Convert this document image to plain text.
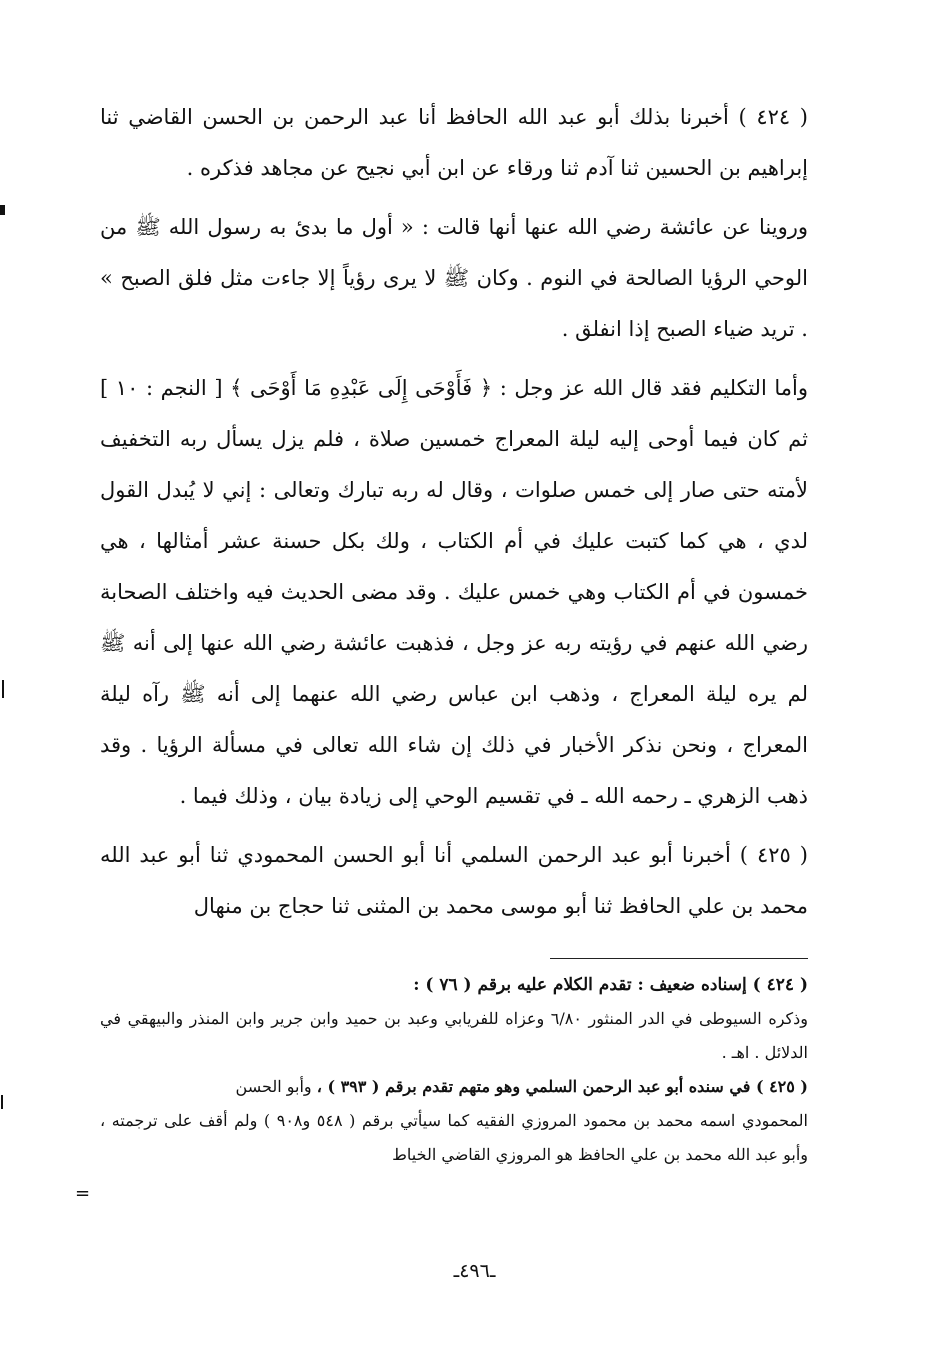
( ٤٢٤ ) أخبرنا بذلك أبو عبد الله الحافظ أنا عبد الرحمن بن الحسن القاضي ثنا إبراهيم بن الحسين ثنا آدم ثنا ورقاء عن ابن أبي نجيح عن مجاهد فذكره .

وروينا عن عائشة رضي الله عنها أنها قالت : « أول ما بدئ به رسول الله ﷺ من الوحي الرؤيا الصالحة في النوم . وكان ﷺ لا يرى رؤياً إلا جاءت مثل فلق الصبح » . تريد ضياء الصبح إذا انفلق .

وأما التكليم فقد قال الله عز وجل : ﴿ فَأَوْحَى إِلَى عَبْدِهِ مَا أَوْحَى ﴾ [ النجم : ١٠ ] ثم كان فيما أوحى إليه ليلة المعراج خمسين صلاة ، فلم يزل يسأل ربه التخفيف لأمته حتى صار إلى خمس صلوات ، وقال له ربه تبارك وتعالى : إني لا يُبدل القول لدي ، هي كما كتبت عليك في أم الكتاب ، ولك بكل حسنة عشر أمثالها ، هي خمسون في أم الكتاب وهي خمس عليك . وقد مضى الحديث فيه واختلف الصحابة رضي الله عنهم في رؤيته ربه عز وجل ، فذهبت عائشة رضي الله عنها إلى أنه ﷺ لم يره ليلة المعراج ، وذهب ابن عباس رضي الله عنهما إلى أنه ﷺ رآه ليلة المعراج ، ونحن نذكر الأخبار في ذلك إن شاء الله تعالى في مسألة الرؤيا . وقد ذهب الزهري ـ رحمه الله ـ في تقسيم الوحي إلى زيادة بيان ، وذلك فيما .

( ٤٢٥ ) أخبرنا أبو عبد الرحمن السلمي أنا أبو الحسن المحمودي ثنا أبو عبد الله محمد بن علي الحافظ ثنا أبو موسى محمد بن المثنى ثنا حجاج بن منهال

( ٤٢٤ ) إسناده ضعيف : تقدم الكلام عليه برقم ( ٧٦ ) :

وذكره السيوطى في الدر المنثور ٦/٨٠ وعزاه للفريابي وعبد بن حميد وابن جرير وابن المنذر والبيهقي في الدلائل . اهـ .

( ٤٢٥ ) في سنده أبو عبد الرحمن السلمي وهو متهم تقدم برقم ( ٣٩٣ ) ، وأبو الحسن

المحمودي اسمه محمد بن محمود المروزي الفقيه كما سيأتي برقم ( ٥٤٨ و٩٠٨ ) ولم أقف على ترجمته ، وأبو عبد الله محمد بن علي الحافظ هو المروزي القاضي الخياط

=
ـ٤٩٦ـ
